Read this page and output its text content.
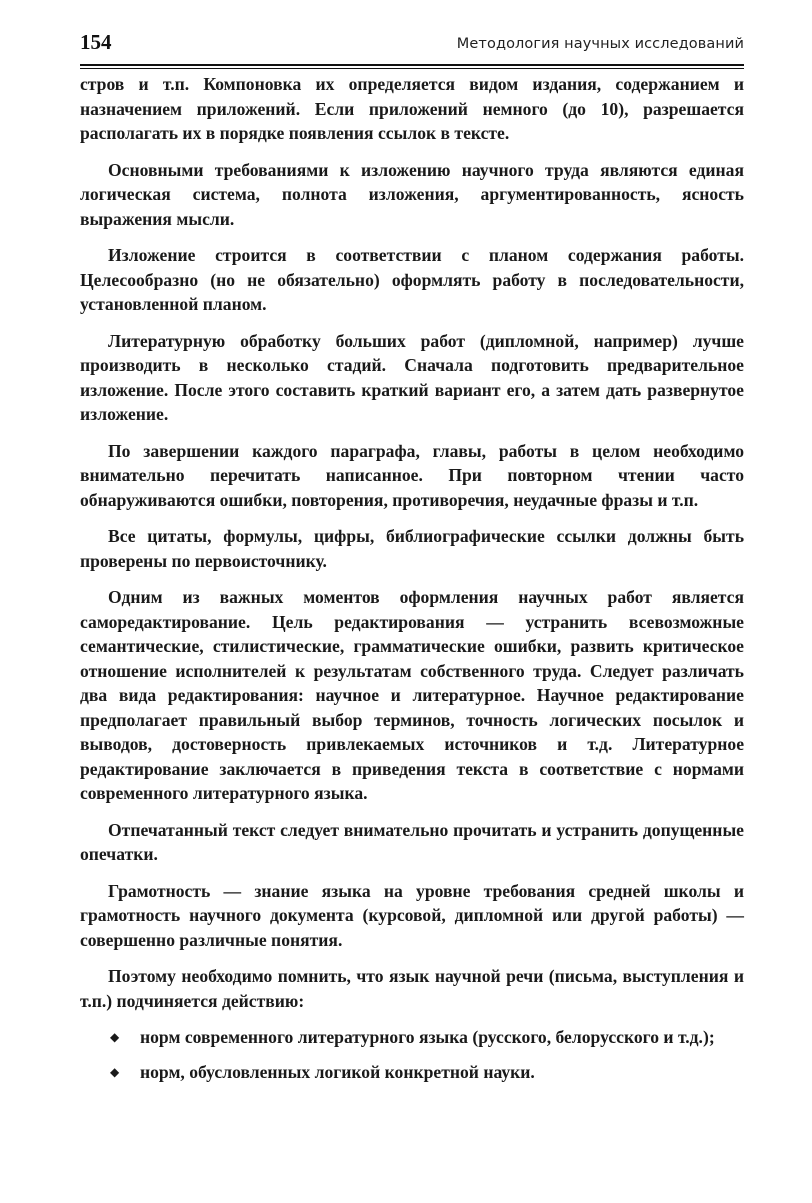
154	Методология научных исследований

стров и т.п. Компоновка их определяется видом издания, содержанием и назначением приложений. Если приложений немного (до 10), разрешается располагать их в порядке появления ссылок в тексте.

Основными требованиями к изложению научного труда являются единая логическая система, полнота изложения, аргументированность, ясность выражения мысли.

Изложение строится в соответствии с планом содержания работы. Целесообразно (но не обязательно) оформлять работу в последовательности, установленной планом.

Литературную обработку больших работ (дипломной, например) лучше производить в несколько стадий. Сначала подготовить предварительное изложение. После этого составить краткий вариант его, а затем дать развернутое изложение.

По завершении каждого параграфа, главы, работы в целом необходимо внимательно перечитать написанное. При повторном чтении часто обнаруживаются ошибки, повторения, противоречия, неудачные фразы и т.п.

Все цитаты, формулы, цифры, библиографические ссылки должны быть проверены по первоисточнику.

Одним из важных моментов оформления научных работ является саморедактирование. Цель редактирования — устранить всевозможные семантические, стилистические, грамматические ошибки, развить критическое отношение исполнителей к результатам собственного труда. Следует различать два вида редактирования: научное и литературное. Научное редактирование предполагает правильный выбор терминов, точность логических посылок и выводов, достоверность привлекаемых источников и т.д. Литературное редактирование заключается в приведения текста в соответствие с нормами современного литературного языка.

Отпечатанный текст следует внимательно прочитать и устранить допущенные опечатки.

Грамотность — знание языка на уровне требования средней школы и грамотность научного документа (курсовой, дипломной или другой работы) —совершенно различные понятия.

Поэтому необходимо помнить, что язык научной речи (письма, выступления и т.п.) подчиняется действию:

◆ норм современного литературного языка (русского, белорусского и т.д.);
◆ норм, обусловленных логикой конкретной науки.
